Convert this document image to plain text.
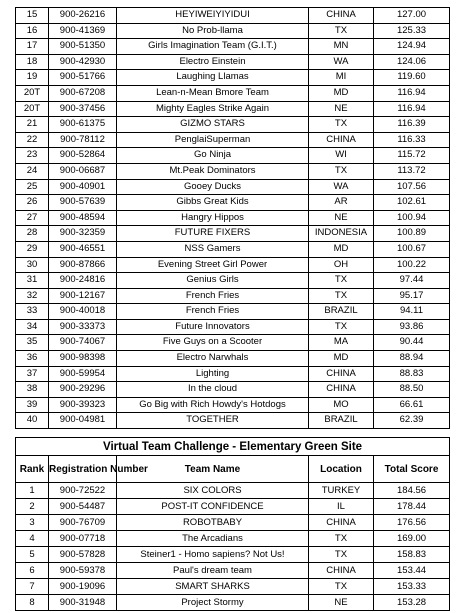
15	900-26216	HEYIWEIYIYIDUI	CHINA	127.00
16	900-41369	No Prob-llama	TX	125.33
17	900-51350	Girls Imagination Team (G.I.T.)	MN	124.94
18	900-42930	Electro Einstein	WA	124.06
19	900-51766	Laughing Llamas	MI	119.60
20T	900-67208	Lean-n-Mean Bmore Team	MD	116.94
20T	900-37456	Mighty Eagles Strike Again	NE	116.94
21	900-61375	GIZMO STARS	TX	116.39
22	900-78112	PenglaiSuperman	CHINA	116.33
23	900-52864	Go Ninja	WI	115.72
24	900-06687	Mt.Peak Dominators	TX	113.72
25	900-40901	Gooey Ducks	WA	107.56
26	900-57639	Gibbs Great Kids	AR	102.61
27	900-48594	Hangry Hippos	NE	100.94
28	900-32359	FUTURE FIXERS	INDONESIA	100.89
29	900-46551	NSS Gamers	MD	100.67
30	900-87866	Evening Street Girl Power	OH	100.22
31	900-24816	Genius Girls	TX	97.44
32	900-12167	French Fries	TX	95.17
33	900-40018	French Fries	BRAZIL	94.11
34	900-33373	Future Innovators	TX	93.86
35	900-74067	Five Guys on a Scooter	MA	90.44
36	900-98398	Electro Narwhals	MD	88.94
37	900-59954	Lighting	CHINA	88.83
38	900-29296	In the cloud	CHINA	88.50
39	900-39323	Go Big with Rich Howdy's Hotdogs	MO	66.61
40	900-04981	TOGETHER	BRAZIL	62.39
Virtual Team Challenge - Elementary Green Site				
Rank	Registration Number	Team Name	Location	Total Score
1	900-72522	SIX COLORS	TURKEY	184.56
2	900-54487	POST-IT CONFIDENCE	IL	178.44
3	900-76709	ROBOTBABY	CHINA	176.56
4	900-07718	The Arcadians	TX	169.00
5	900-57828	Steiner1 - Homo sapiens? Not Us!	TX	158.83
6	900-59378	Paul's dream team	CHINA	153.44
7	900-19096	SMART SHARKS	TX	153.33
8	900-31948	Project Stormy	NE	153.28
